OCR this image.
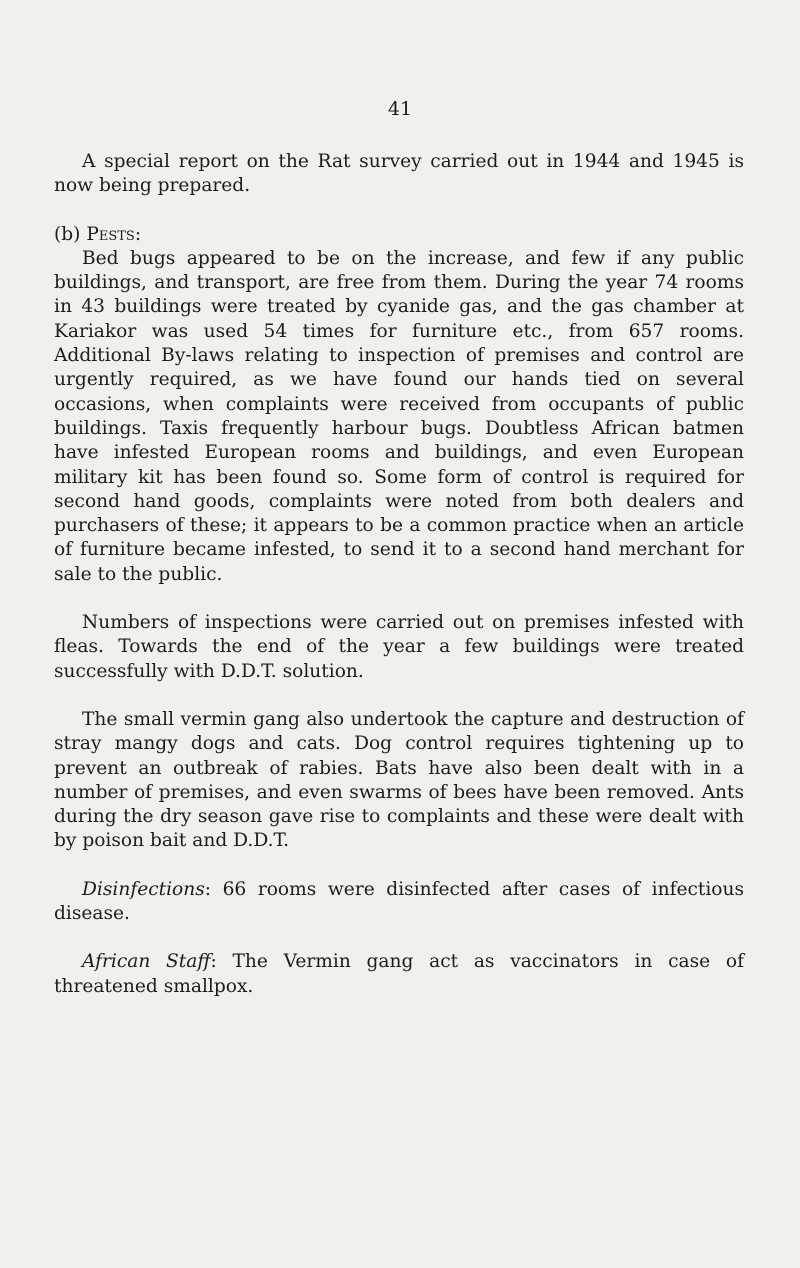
41

A special report on the Rat survey carried out in 1944 and 1945 is now being prepared.

(b) Pests:

Bed bugs appeared to be on the increase, and few if any public buildings, and transport, are free from them. During the year 74 rooms in 43 buildings were treated by cyanide gas, and the gas chamber at Kariakor was used 54 times for furniture etc., from 657 rooms. Additional By-laws relating to inspection of premises and control are urgently required, as we have found our hands tied on several occasions, when complaints were received from occupants of public buildings. Taxis frequently harbour bugs. Doubtless African batmen have infested European rooms and buildings, and even European military kit has been found so. Some form of control is required for second hand goods, complaints were noted from both dealers and purchasers of these; it appears to be a common practice when an article of furniture became infested, to send it to a second hand merchant for sale to the public.

Numbers of inspections were carried out on premises infested with fleas. Towards the end of the year a few buildings were treated successfully with D.D.T. solution.

The small vermin gang also undertook the capture and destruction of stray mangy dogs and cats. Dog control requires tightening up to prevent an outbreak of rabies. Bats have also been dealt with in a number of premises, and even swarms of bees have been removed. Ants during the dry season gave rise to complaints and these were dealt with by poison bait and D.D.T.

Disinfections: 66 rooms were disinfected after cases of infectious disease.

African Staff: The Vermin gang act as vaccinators in case of threatened smallpox.
